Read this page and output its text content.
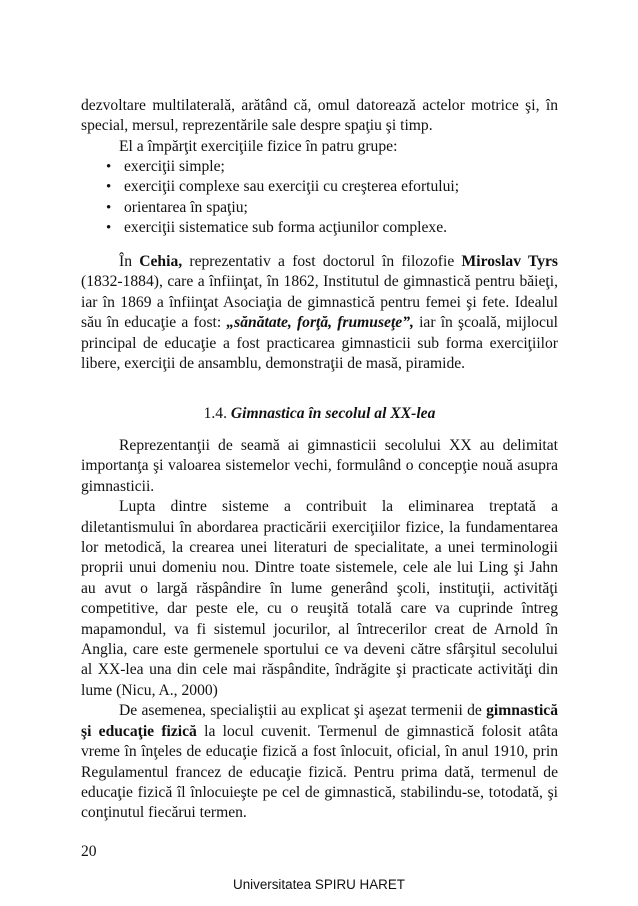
dezvoltare multilaterală, arătând că, omul datorează actelor motrice şi, în special, mersul, reprezentările sale despre spaţiu şi timp.

El a împărţit exerciţiile fizice în patru grupe:

• exerciţii simple;
• exerciţii complexe sau exerciţii cu creşterea efortului;
• orientarea în spaţiu;
• exerciţii sistematice sub forma acţiunilor complexe.

În Cehia, reprezentativ a fost doctorul în filozofie Miroslav Tyrs (1832-1884), care a înfiinţat, în 1862, Institutul de gimnastică pentru băieţi, iar în 1869 a înfiinţat Asociaţia de gimnastică pentru femei şi fete. Idealul său în educaţie a fost: „sănătate, forţă, frumuseţe”, iar în şcoală, mijlocul principal de educaţie a fost practicarea gimnasticii sub forma exerciţiilor libere, exerciţii de ansamblu, demonstraţii de masă, piramide.

1.4. Gimnastica în secolul al XX-lea

Reprezentanţii de seamă ai gimnasticii secolului XX au delimitat importanţa şi valoarea sistemelor vechi, formulând o concepţie nouă asupra gimnasticii.

Lupta dintre sisteme a contribuit la eliminarea treptată a diletantismului în abordarea practicării exerciţiilor fizice, la fundamentarea lor metodică, la crearea unei literaturi de specialitate, a unei terminologii proprii unui domeniu nou. Dintre toate sistemele, cele ale lui Ling şi Jahn au avut o largă răspândire în lume generând şcoli, instituţii, activităţi competitive, dar peste ele, cu o reuşită totală care va cuprinde întreg mapamondul, va fi sistemul jocurilor, al întrecerilor creat de Arnold în Anglia, care este germenele sportului ce va deveni către sfârşitul secolului al XX-lea una din cele mai răspândite, îndrăgite şi practicate activităţi din lume (Nicu, A., 2000)

De asemenea, specialiştii au explicat şi aşezat termenii de gimnastică şi educaţie fizică la locul cuvenit. Termenul de gimnastică folosit atâta vreme în înţeles de educaţie fizică a fost înlocuit, oficial, în anul 1910, prin Regulamentul francez de educaţie fizică. Pentru prima dată, termenul de educaţie fizică îl înlocuieşte pe cel de gimnastică, stabilindu-se, totodată, şi conţinutul fiecărui termen.

20
Universitatea SPIRU HARET
